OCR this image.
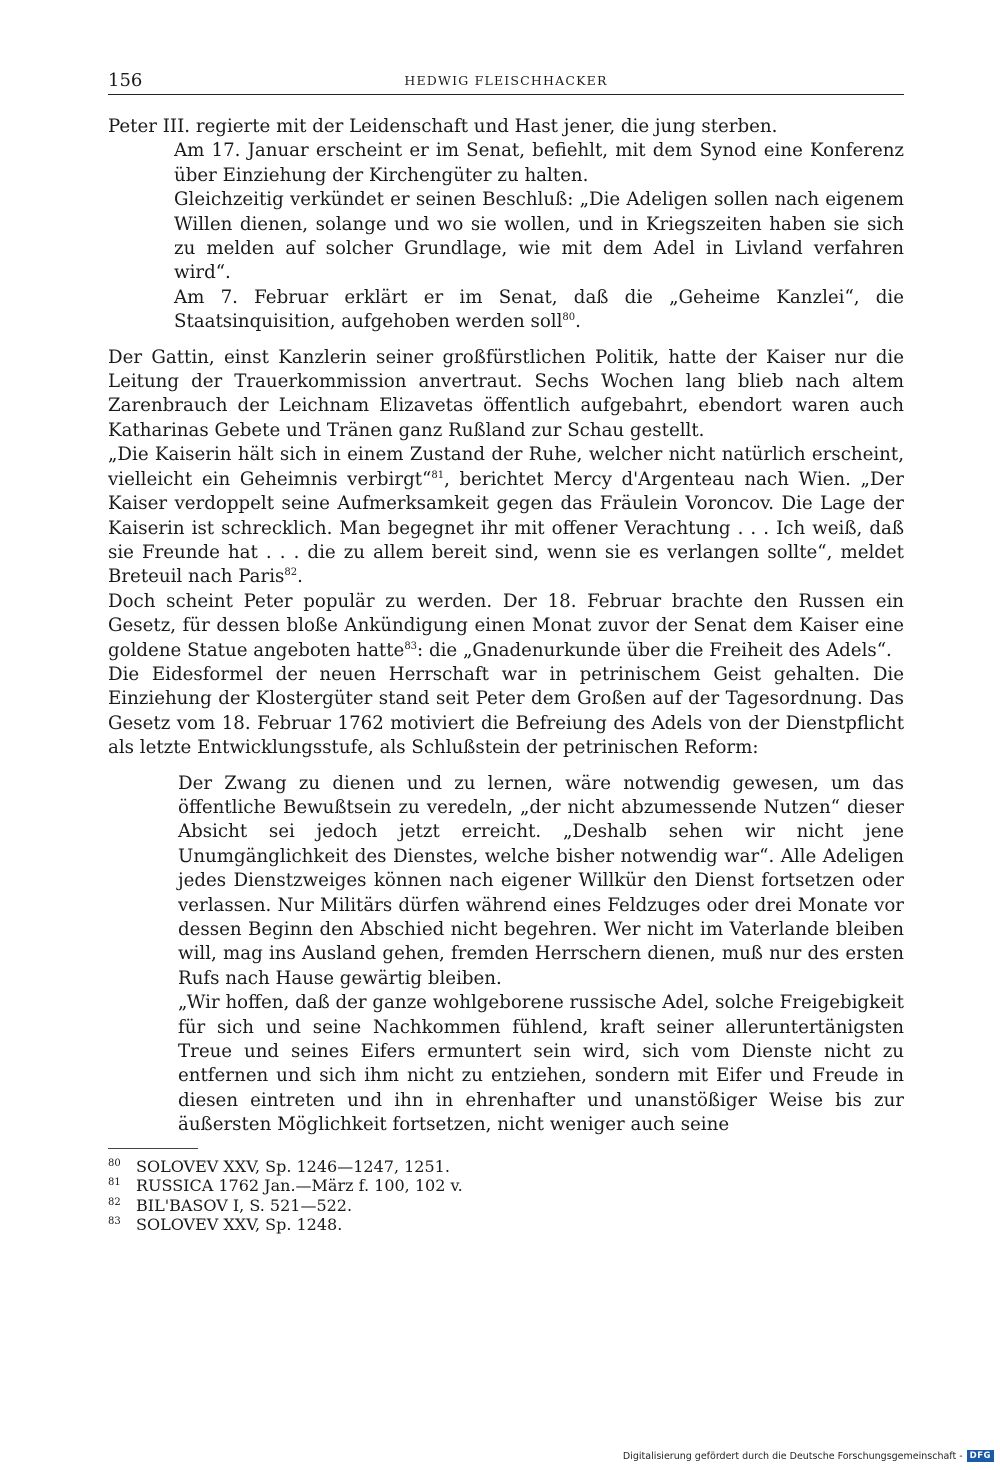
156	HEDWIG FLEISCHHACKER

Peter III. regierte mit der Leidenschaft und Hast jener, die jung sterben.

Am 17. Januar erscheint er im Senat, befiehlt, mit dem Synod eine Konferenz über Einziehung der Kirchengüter zu halten.

Gleichzeitig verkündet er seinen Beschluß: „Die Adeligen sollen nach eigenem Willen dienen, solange und wo sie wollen, und in Kriegszeiten haben sie sich zu melden auf solcher Grundlage, wie mit dem Adel in Livland verfahren wird“.

Am 7. Februar erklärt er im Senat, daß die „Geheime Kanzlei“, die Staatsinquisition, aufgehoben werden soll$^{80}$.

Der Gattin, einst Kanzlerin seiner großfürstlichen Politik, hatte der Kaiser nur die Leitung der Trauerkommission anvertraut. Sechs Wochen lang blieb nach altem Zarenbrauch der Leichnam Elizavetas öffentlich aufgebahrt, ebendort waren auch Katharinas Gebete und Tränen ganz Rußland zur Schau gestellt.

„Die Kaiserin hält sich in einem Zustand der Ruhe, welcher nicht natürlich erscheint, vielleicht ein Geheimnis verbirgt“$^{81}$, berichtet Mercy d'Argenteau nach Wien. „Der Kaiser verdoppelt seine Aufmerksamkeit gegen das Fräulein Voroncov. Die Lage der Kaiserin ist schrecklich. Man begegnet ihr mit offener Verachtung . . . Ich weiß, daß sie Freunde hat . . . die zu allem bereit sind, wenn sie es verlangen sollte“, meldet Breteuil nach Paris$^{82}$.

Doch scheint Peter populär zu werden. Der 18. Februar brachte den Russen ein Gesetz, für dessen bloße Ankündigung einen Monat zuvor der Senat dem Kaiser eine goldene Statue angeboten hatte$^{83}$: die „Gnadenurkunde über die Freiheit des Adels“.

Die Eidesformel der neuen Herrschaft war in petrinischem Geist gehalten. Die Einziehung der Klostergüter stand seit Peter dem Großen auf der Tagesordnung. Das Gesetz vom 18. Februar 1762 motiviert die Befreiung des Adels von der Dienstpflicht als letzte Entwicklungsstufe, als Schlußstein der petrinischen Reform:

Der Zwang zu dienen und zu lernen, wäre notwendig gewesen, um das öffentliche Bewußtsein zu veredeln, „der nicht abzumessende Nutzen“ dieser Absicht sei jedoch jetzt erreicht. „Deshalb sehen wir nicht jene Unumgänglichkeit des Dienstes, welche bisher notwendig war“. Alle Adeligen jedes Dienstzweiges können nach eigener Willkür den Dienst fortsetzen oder verlassen. Nur Militärs dürfen während eines Feldzuges oder drei Monate vor dessen Beginn den Abschied nicht begehren. Wer nicht im Vaterlande bleiben will, mag ins Ausland gehen, fremden Herrschern dienen, muß nur des ersten Rufs nach Hause gewärtig bleiben.

„Wir hoffen, daß der ganze wohlgeborene russische Adel, solche Freigebigkeit für sich und seine Nachkommen fühlend, kraft seiner alleruntertänigsten Treue und seines Eifers ermuntert sein wird, sich vom Dienste nicht zu entfernen und sich ihm nicht zu entziehen, sondern mit Eifer und Freude in diesen eintreten und ihn in ehrenhafter und unanstößiger Weise bis zur äußersten Möglichkeit fortsetzen, nicht weniger auch seine

80 SOLOVEV XXV, Sp. 1246—1247, 1251.
81 RUSSICA 1762 Jan.—März f. 100, 102 v.
82 BIL'BASOV I, S. 521—522.
83 SOLOVEV XXV, Sp. 1248.
Digitalisierung gefördert durch die Deutsche Forschungsgemeinschaft - DFG
